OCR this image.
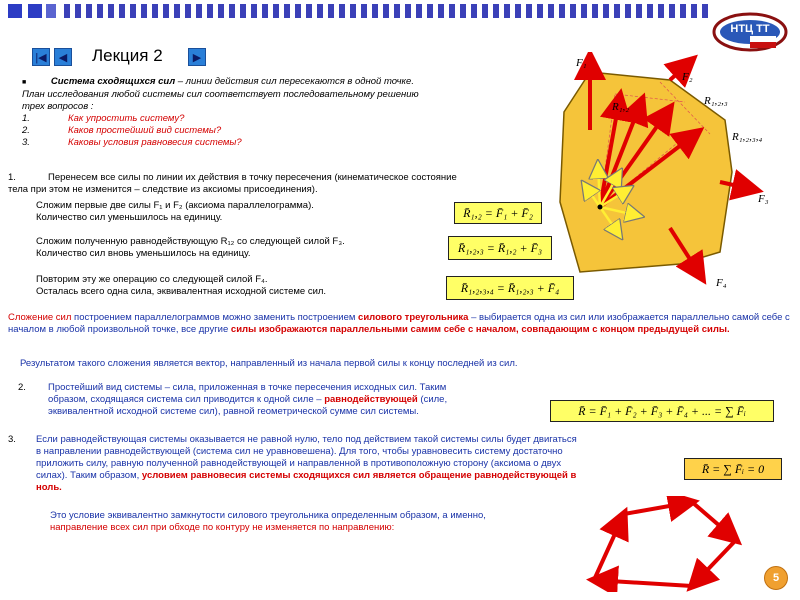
НТЦ ТТ
|◀ ◀	▶
Лекция 2
■	Система сходящихся сил – линии действия сил пересекаются в одной точке.
План исследования любой системы сил соответствует последовательному решению
трех вопросов :
1.	Как упростить систему?
2.	Каков простейший вид системы?
3.	Каковы условия равновесия системы?
F₁
F₂
F₃
F₄
R₁,₂	R₁,₂,₃
R₁,₂,₃,₄
1.	Перенесем все силы по линии их действия в точку пересечения (кинематическое состояние
тела при этом не изменится – следствие из аксиомы присоединения).
Сложим первые две силы F₁ и F₂ (аксиома параллелограмма).
Количество сил уменьшилось на единицу.	R̄₁,₂ = F̄₁ + F̄₂
Сложим полученную равнодействующую R₁₂ со следующей силой F₃.
Количество сил вновь уменьшилось на единицу.	R̄₁,₂,₃ = R̄₁,₂ + F̄₃
Повторим эту же операцию со следующей силой F₄.
Осталась всего одна сила, эквивалентная исходной системе сил.	R̄₁,₂,₃,₄ = R̄₁,₂,₃ + F̄₄
Сложение сил построением параллелограммов можно заменить построением силового треугольника – выбирается одна из сил или изображается параллельно самой себе с началом в любой произвольной точке, все другие силы изображаются параллельными самим себе с началом, совпадающим с концом предыдущей силы.
Результатом такого сложения является вектор, направленный из начала первой силы к концу последней из сил.
2. Простейший вид системы – сила, приложенная в точке пересечения исходных сил. Таким
образом, сходящаяся система сил приводится к одной силе – равнодействующей (силе,
эквивалентной исходной системе сил), равной геометрической сумме сил системы.	R̄ = F̄₁ + F̄₂ + F̄₃ + F̄₄ + ... = ∑ F̄ᵢ
3. Если равнодействующая системы оказывается не равной нулю, тело под действием такой системы силы будет двигаться
в направлении равнодействующей (система сил не уравновешена). Для того, чтобы уравновесить систему достаточно
приложить силу, равную полученной равнодействующей и направленной в противоположную сторону (аксиома о двух
силах). Таким образом, условием равновесия системы сходящихся сил является обращение равнодействующей в
ноль.
R̄ = ∑ F̄ᵢ = 0
Это условие эквивалентно замкнутости силового треугольника определенным образом, а именно,
направление всех сил при обходе по контуру не изменяется по направлению:
5
